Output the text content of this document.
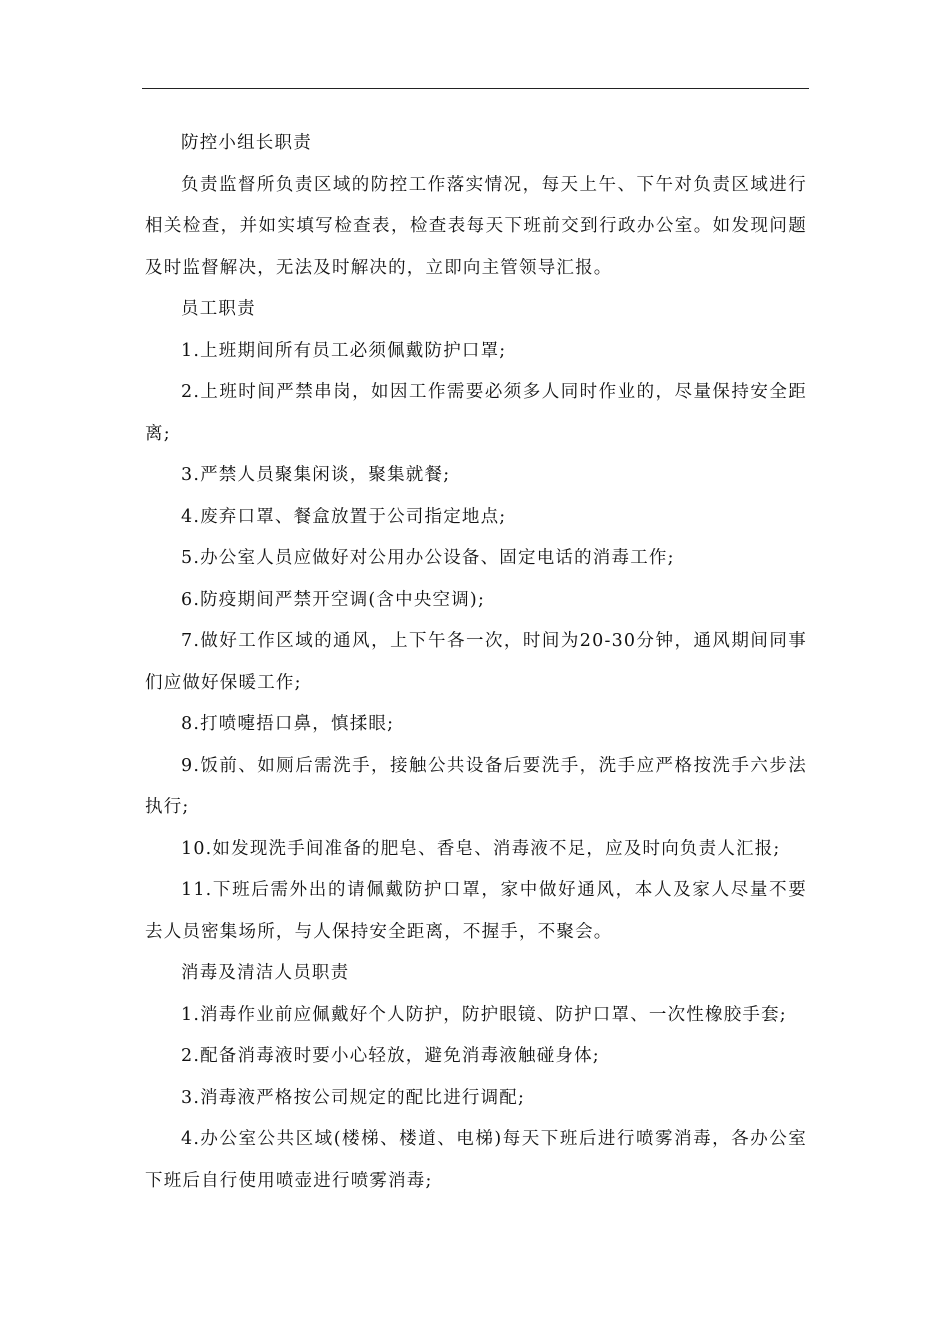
防控小组长职责

负责监督所负责区域的防控工作落实情况，每天上午、下午对负责区域进行相关检查，并如实填写检查表，检查表每天下班前交到行政办公室。如发现问题及时监督解决，无法及时解决的，立即向主管领导汇报。

员工职责

1.上班期间所有员工必须佩戴防护口罩;

2.上班时间严禁串岗，如因工作需要必须多人同时作业的，尽量保持安全距离;

3.严禁人员聚集闲谈，聚集就餐;

4.废弃口罩、餐盒放置于公司指定地点;

5.办公室人员应做好对公用办公设备、固定电话的消毒工作;

6.防疫期间严禁开空调(含中央空调);

7.做好工作区域的通风，上下午各一次，时间为20-30分钟，通风期间同事们应做好保暖工作;

8.打喷嚏捂口鼻，慎揉眼;

9.饭前、如厕后需洗手，接触公共设备后要洗手，洗手应严格按洗手六步法执行;

10.如发现洗手间准备的肥皂、香皂、消毒液不足，应及时向负责人汇报;

11.下班后需外出的请佩戴防护口罩，家中做好通风，本人及家人尽量不要去人员密集场所，与人保持安全距离，不握手，不聚会。

消毒及清洁人员职责

1.消毒作业前应佩戴好个人防护，防护眼镜、防护口罩、一次性橡胶手套;

2.配备消毒液时要小心轻放，避免消毒液触碰身体;

3.消毒液严格按公司规定的配比进行调配;

4.办公室公共区域(楼梯、楼道、电梯)每天下班后进行喷雾消毒，各办公室下班后自行使用喷壶进行喷雾消毒;
